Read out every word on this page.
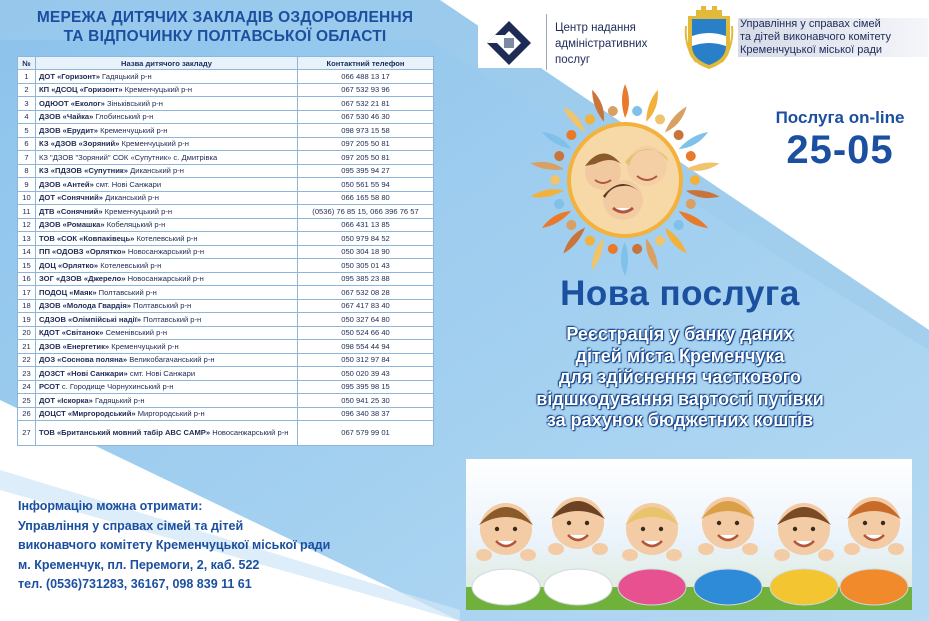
МЕРЕЖА ДИТЯЧИХ ЗАКЛАДІВ ОЗДОРОВЛЕННЯ
ТА ВІДПОЧИНКУ ПОЛТАВСЬКОЇ ОБЛАСТІ
№	Назва дитячого закладу	Контактний телефон
1	ДОТ «Горизонт» Гадяцький р-н	066 488 13 17
2	КП «ДСОЦ «Горизонт» Кременчуцький р-н	067 532 93 96
3	ОДЮОТ «Еколог» Зіньківський р-н	067 532 21 81
4	ДЗОВ «Чайка» Глобинський р-н	067 530 46 30
5	ДЗОВ «Ерудит» Кременчуцький р-н	098 973 15 58
6	КЗ «ДЗОВ «Зоряний» Кременчуцький р-н	097 205 50 81
7	КЗ "ДЗОВ "Зоряний" СОК «Супутник» с. Дмитрівка	097 205 50 81
8	КЗ «ПДЗОВ «Супутник» Диканський р-н	095 395 94 27
9	ДЗОВ «Антей» смт. Нові Санжари	050 561 55 94
10	ДОТ «Сонячний» Диканський р-н	066 165 58 80
11	ДТВ «Сонячний» Кременчуцький р-н	(0536) 76 85 15, 066 396 76 57
12	ДЗОВ «Ромашка» Кобеляцький р-н	066 431 13 85
13	ТОВ «СОК «Ковпаківець» Котелевський р-н	050 979 84 52
14	ПП «ОДОВЗ «Орлятко» Новосанжарський р-н	050 304 18 90
15	ДОЦ «Орлятко» Котелевський р-н	050 305 01 43
16	ЗОГ «ДЗОВ «Джерело» Новосанжарський р-н	095 385 23 88
17	ПОДОЦ «Маяк» Полтавський р-н	067 532 08 28
18	ДЗОВ «Молода Гвардія» Полтавський р-н	067 417 83 40
19	СДЗОВ «Олімпійські надії» Полтавський р-н	050 327 64 80
20	КДОТ «Світанок» Семенівський р-н	050 524 66 40
21	ДЗОВ «Енергетик» Кременчуцький р-н	098 554 44 94
22	ДОЗ «Соснова поляна» Великобагачанський р-н	050 312 97 84
23	ДОЗСТ «Нові Санжари» смт. Нові Санжари	050 020 39 43
24	РСОТ с. Городище Чорнухинський р-н	095 395 98 15
25	ДОТ «Іскорка» Гадяцький р-н	050 941 25 30
26	ДОЦСТ «Миргородський» Миргородський р-н	096 340 38 37
27	ТОВ «Британський мовний табір ABC CAMP» Новосанжарський р-н	067 579 99 01
Інформацію можна отримати:
Управління у справах сімей та дітей
виконавчого комітету Кременчуцької міської ради
м. Кременчук, пл. Перемоги, 2, каб. 522
тел. (0536)731283, 36167, 098 839 11 61
Центр надання
адміністративних
послуг
Управління у справах сімей
та дітей виконавчого комітету
Кременчуцької міської ради
Послуга on-line
25-05
Нова послуга
Реєстрація у банку даних
дітей міста Кременчука
для здійснення часткового
відшкодування вартості путівки
за рахунок бюджетних коштів
